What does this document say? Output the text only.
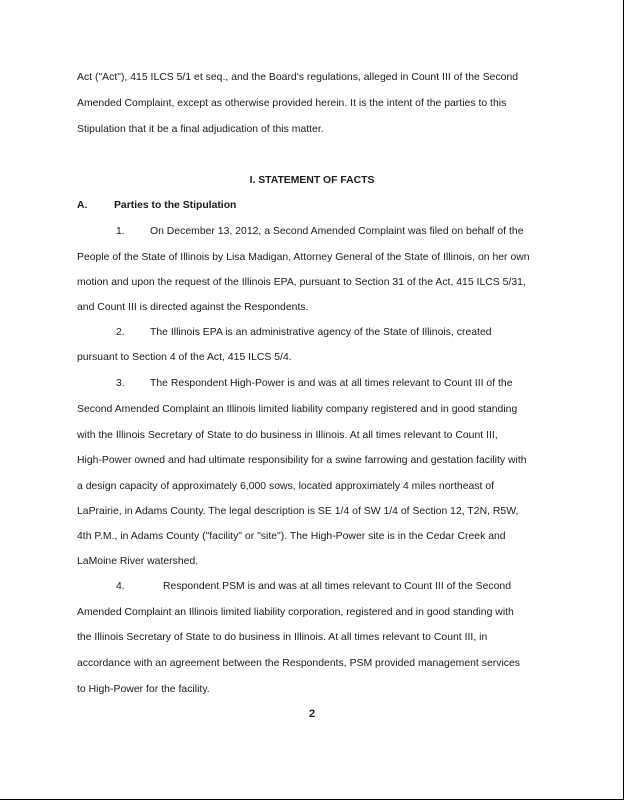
Act ("Act"), 415 ILCS 5/1 et seq., and the Board's regulations, alleged in Count III of the Second
Amended Complaint, except as otherwise provided herein. It is the intent of the parties to this
Stipulation that it be a final adjudication of this matter.
I. STATEMENT OF FACTS
A.	Parties to the Stipulation
1. On December 13, 2012, a Second Amended Complaint was filed on behalf of the
People of the State of Illinois by Lisa Madigan, Attorney General of the State of Illinois, on her own
motion and upon the request of the Illinois EPA, pursuant to Section 31 of the Act, 415 ILCS 5/31,
and Count III is directed against the Respondents.
2. The Illinois EPA is an administrative agency of the State of Illinois, created
pursuant to Section 4 of the Act, 415 ILCS 5/4.
3. The Respondent High-Power is and was at all times relevant to Count III of the
Second Amended Complaint an Illinois limited liability company registered and in good standing
with the Illinois Secretary of State to do business in Illinois. At all times relevant to Count III,
High-Power owned and had ultimate responsibility for a swine farrowing and gestation facility with
a design capacity of approximately 6,000 sows, located approximately 4 miles northeast of
LaPrairie, in Adams County. The legal description is SE 1/4 of SW 1/4 of Section 12, T2N, R5W,
4th P.M., in Adams County ("facility" or "site"). The High-Power site is in the Cedar Creek and
LaMoine River watershed.
4.	Respondent PSM is and was at all times relevant to Count III of the Second
Amended Complaint an Illinois limited liability corporation, registered and in good standing with
the Illinois Secretary of State to do business in Illinois. At all times relevant to Count III, in
accordance with an agreement between the Respondents, PSM provided management services
to High-Power for the facility.
2
